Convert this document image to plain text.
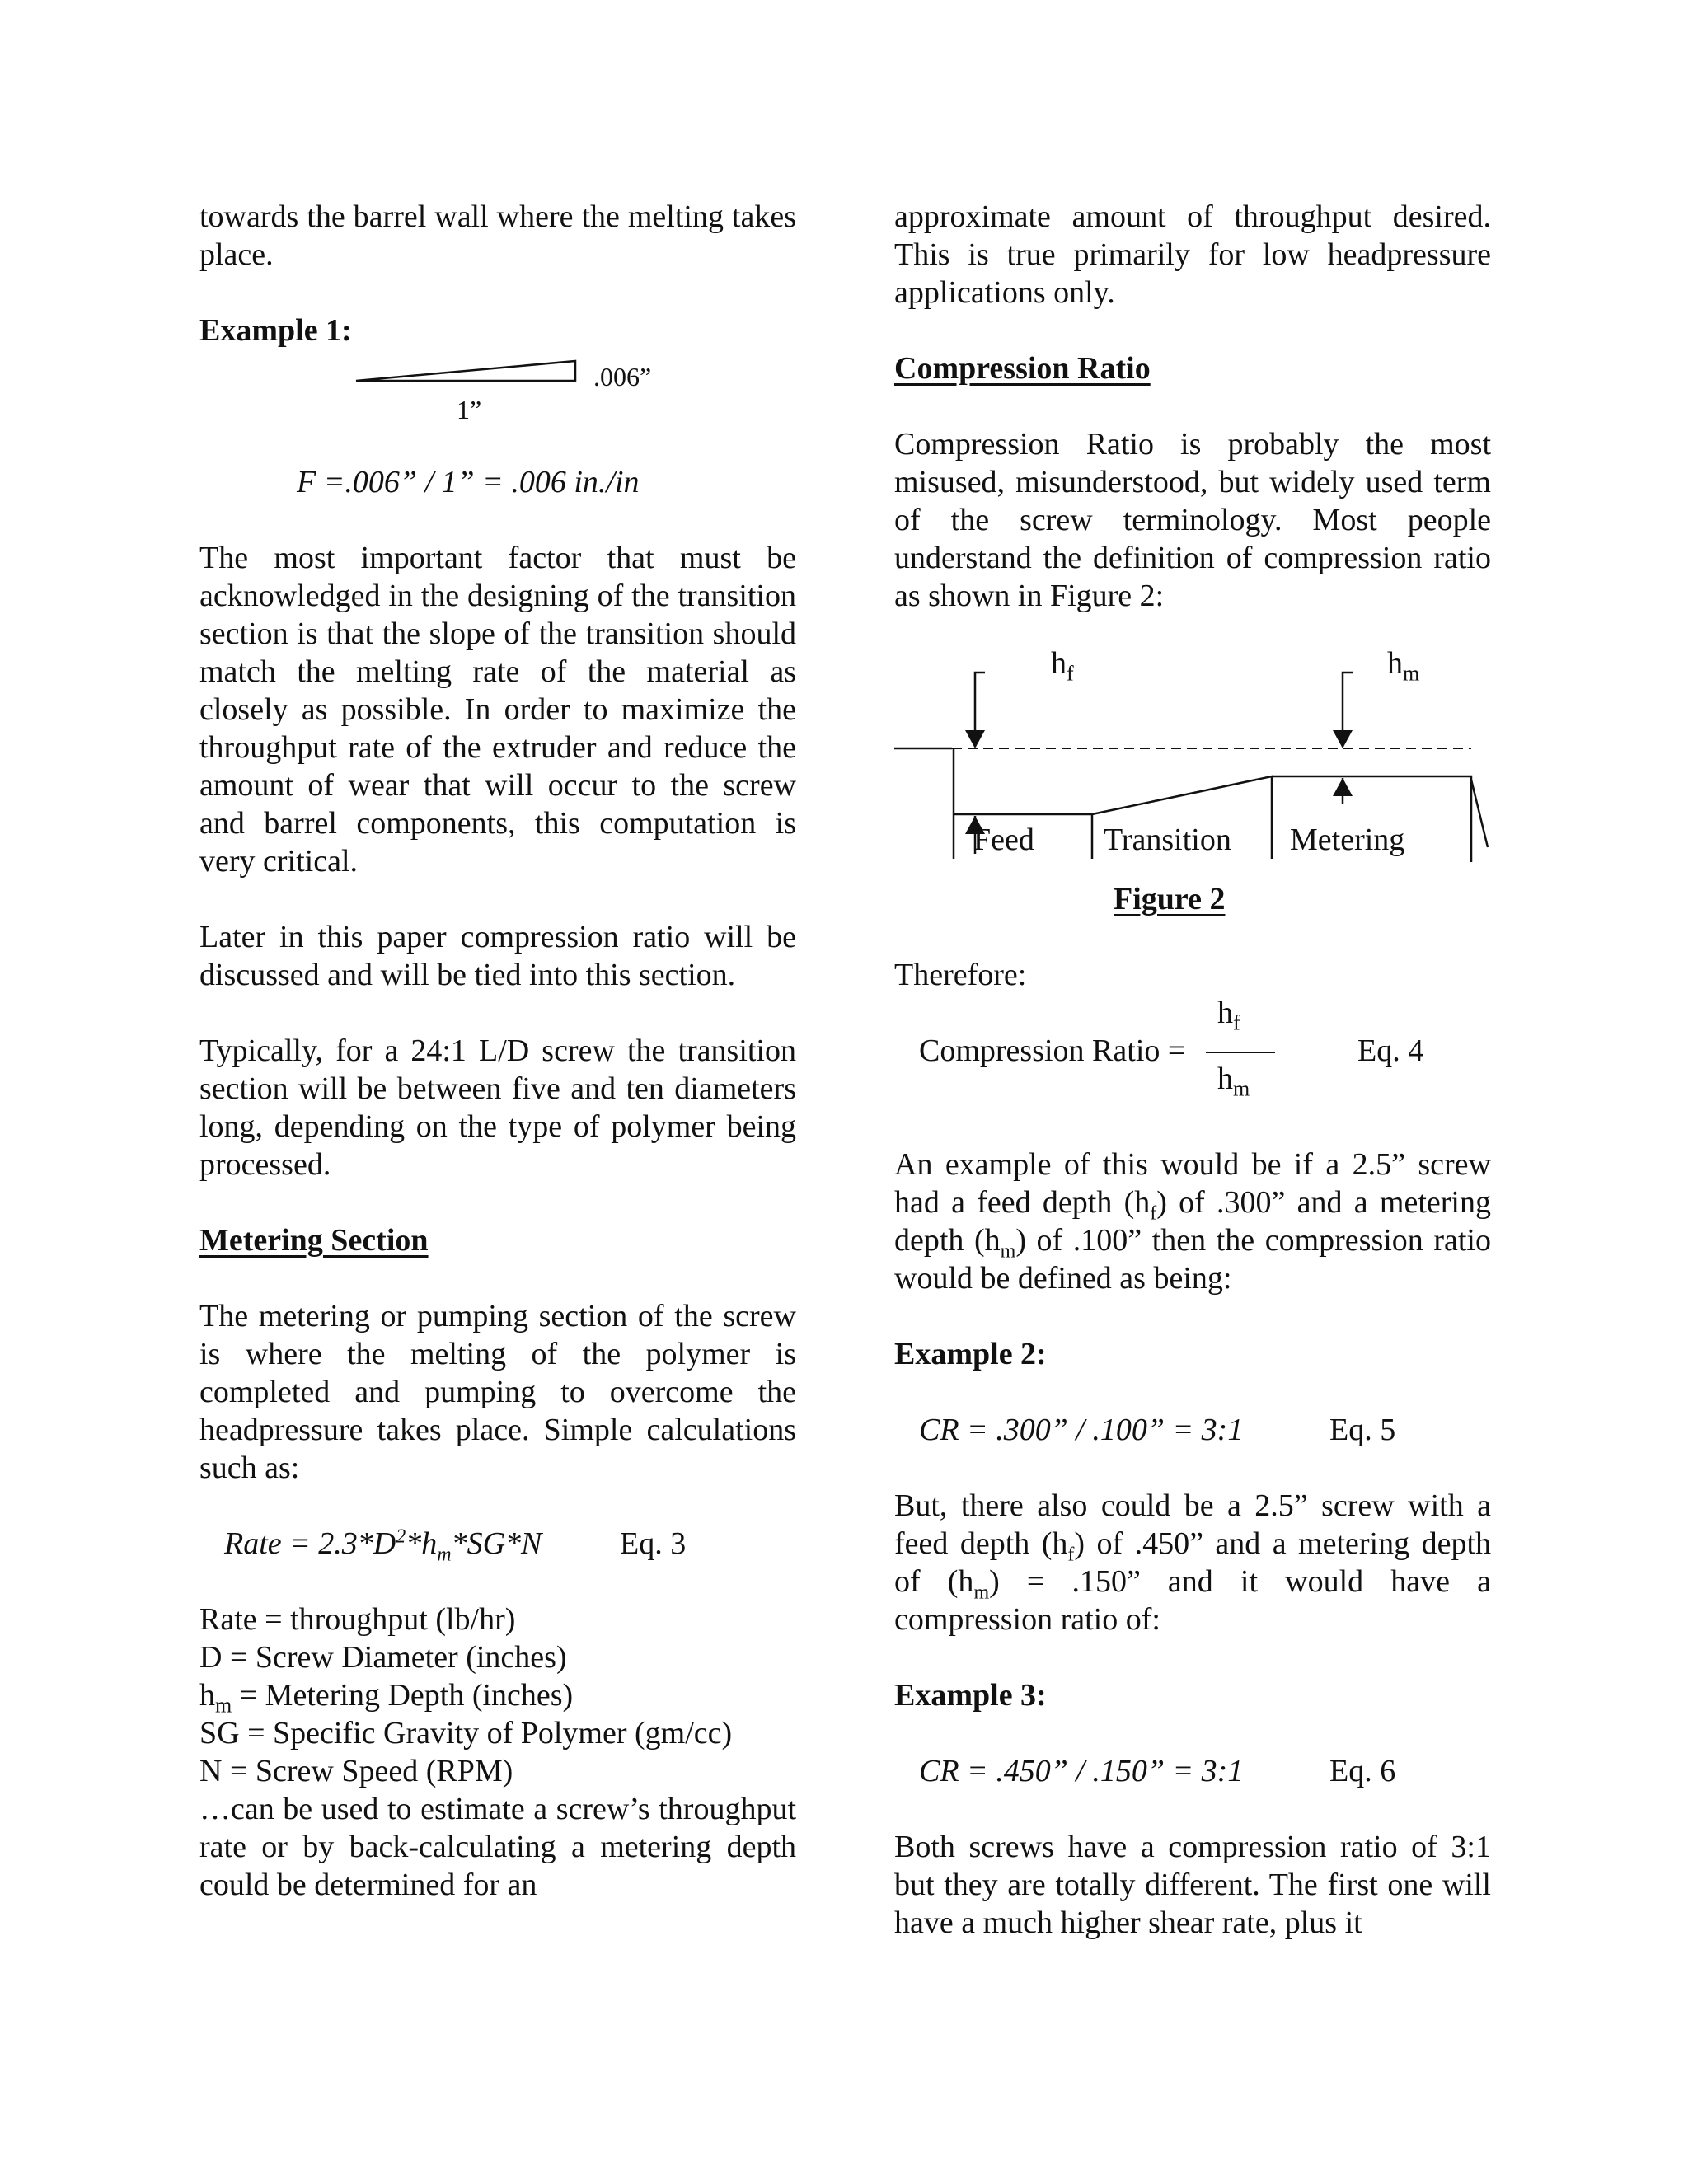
towards the barrel wall where the melting takes place.

Example 1:

.006”
1”

F =.006” / 1” = .006 in./in

The most important factor that must be acknowledged in the designing of the transition section is that the slope of the transition should match the melting rate of the material as closely as possible. In order to maximize the throughput rate of the extruder and reduce the amount of wear that will occur to the screw and barrel components, this computation is very critical.

Later in this paper compression ratio will be discussed and will be tied into this section.

Typically, for a 24:1 L/D screw the transition section will be between five and ten diameters long, depending on the type of polymer being processed.

Metering Section

The metering or pumping section of the screw is where the melting of the polymer is completed and pumping to overcome the headpressure takes place. Simple calculations such as:

Rate = $2.3*D^2*h_m*SG*N$ Eq. 3
Rate = throughput (lb/hr)
D = Screw Diameter (inches)
$h_m$ = Metering Depth (inches)
SG = Specific Gravity of Polymer (gm/cc)
N = Screw Speed (RPM)

…can be used to estimate a screw’s throughput rate or by back-calculating a metering depth could be determined for an

approximate amount of throughput desired. This is true primarily for low headpressure applications only.

Compression Ratio

Compression Ratio is probably the most misused, misunderstood, but widely used term of the screw terminology. Most people understand the definition of compression ratio as shown in Figure 2:

$h_f$	$h_m$
Feed Transition Metering
Figure 2

Therefore:

Compression Ratio =
$h_f$
$h_m$
Eq. 4

An example of this would be if a 2.5” screw had a feed depth $(h_f)$ of .300” and a metering depth $(h_m)$ of .100” then the compression ratio would be defined as being:

Example 2:

CR = .300” / .100” = 3:1	Eq. 5

But, there also could be a 2.5” screw with a feed depth $(h_f)$ of .450” and a metering depth of $(h_m) = .150$” and it would have a compression ratio of:

Example 3:

CR = .450” / .150” = 3:1	Eq. 6

Both screws have a compression ratio of 3:1 but they are totally different. The first one will have a much higher shear rate, plus it
